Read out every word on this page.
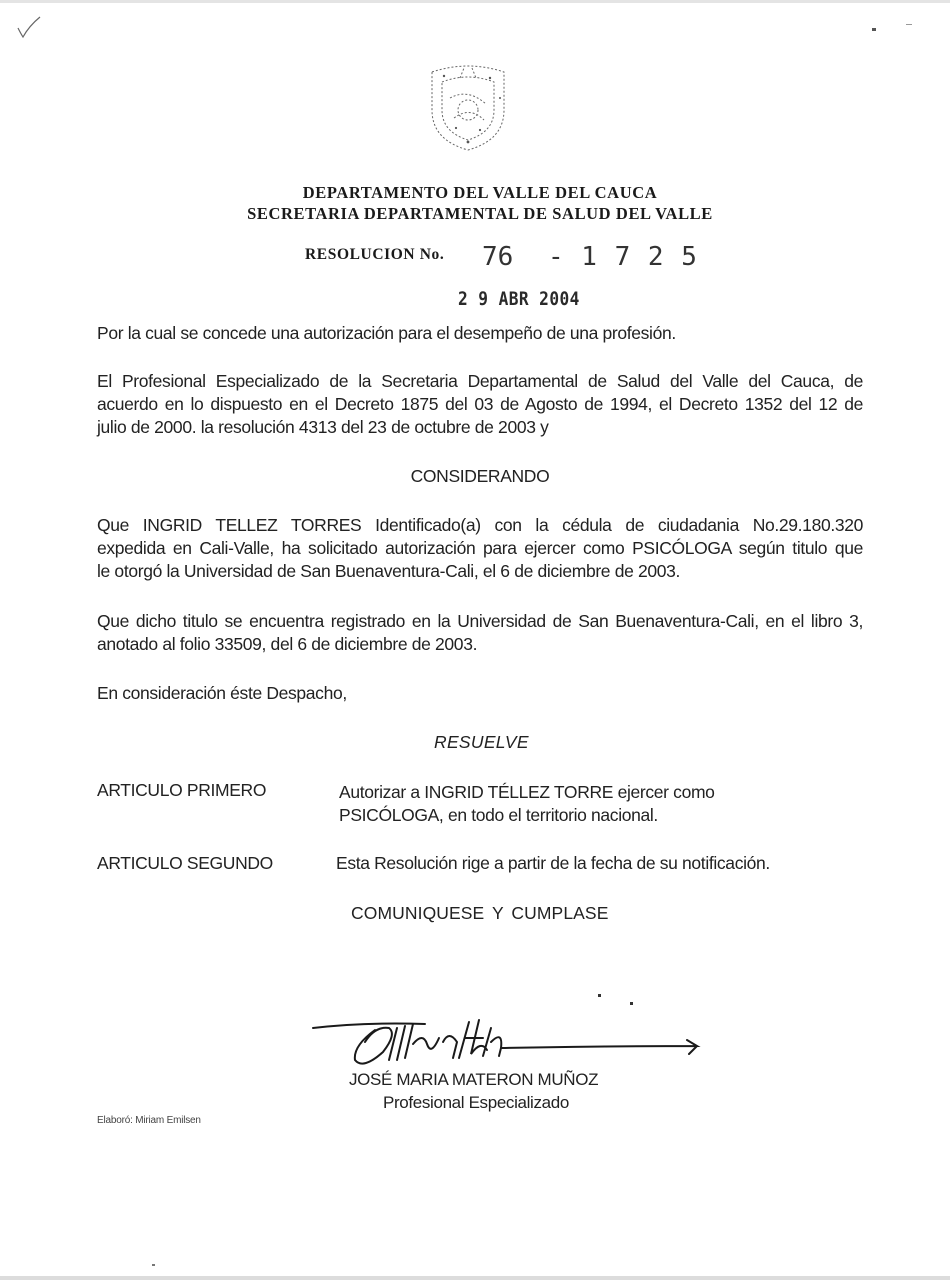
DEPARTAMENTO DEL VALLE DEL CAUCA
SECRETARIA DEPARTAMENTAL DE SALUD DEL VALLE
RESOLUCION No. 76 - 1 7 2 5
2 9 ABR 2004
Por la cual se concede una autorización para el desempeño de una profesión.
El Profesional Especializado de la Secretaria Departamental de Salud del Valle del Cauca, de
acuerdo en lo dispuesto en el Decreto 1875 del 03 de Agosto de 1994, el Decreto 1352 del 12 de
julio de 2000. la resolución 4313 del 23 de octubre de 2003 y
CONSIDERANDO
Que INGRID TELLEZ TORRES Identificado(a) con la cédula de ciudadania No.29.180.320
expedida en Cali-Valle, ha solicitado autorización para ejercer como PSICÓLOGA según titulo que
le otorgó la Universidad de San Buenaventura-Cali, el 6 de diciembre de 2003.
Que dicho titulo se encuentra registrado en la Universidad de San Buenaventura-Cali, en el libro 3,
anotado al folio 33509, del 6 de diciembre de 2003.
En consideración éste Despacho,
RESUELVE
ARTICULO PRIMERO	Autorizar a INGRID TÉLLEZ TORRE ejercer como
PSICÓLOGA, en todo el territorio nacional.
ARTICULO SEGUNDO	Esta Resolución rige a partir de la fecha de su notificación.
COMUNIQUESE Y CUMPLASE
JOSÉ MARIA MATERON MUÑOZ
Profesional Especializado
Elaboró: Miriam Emilsen
